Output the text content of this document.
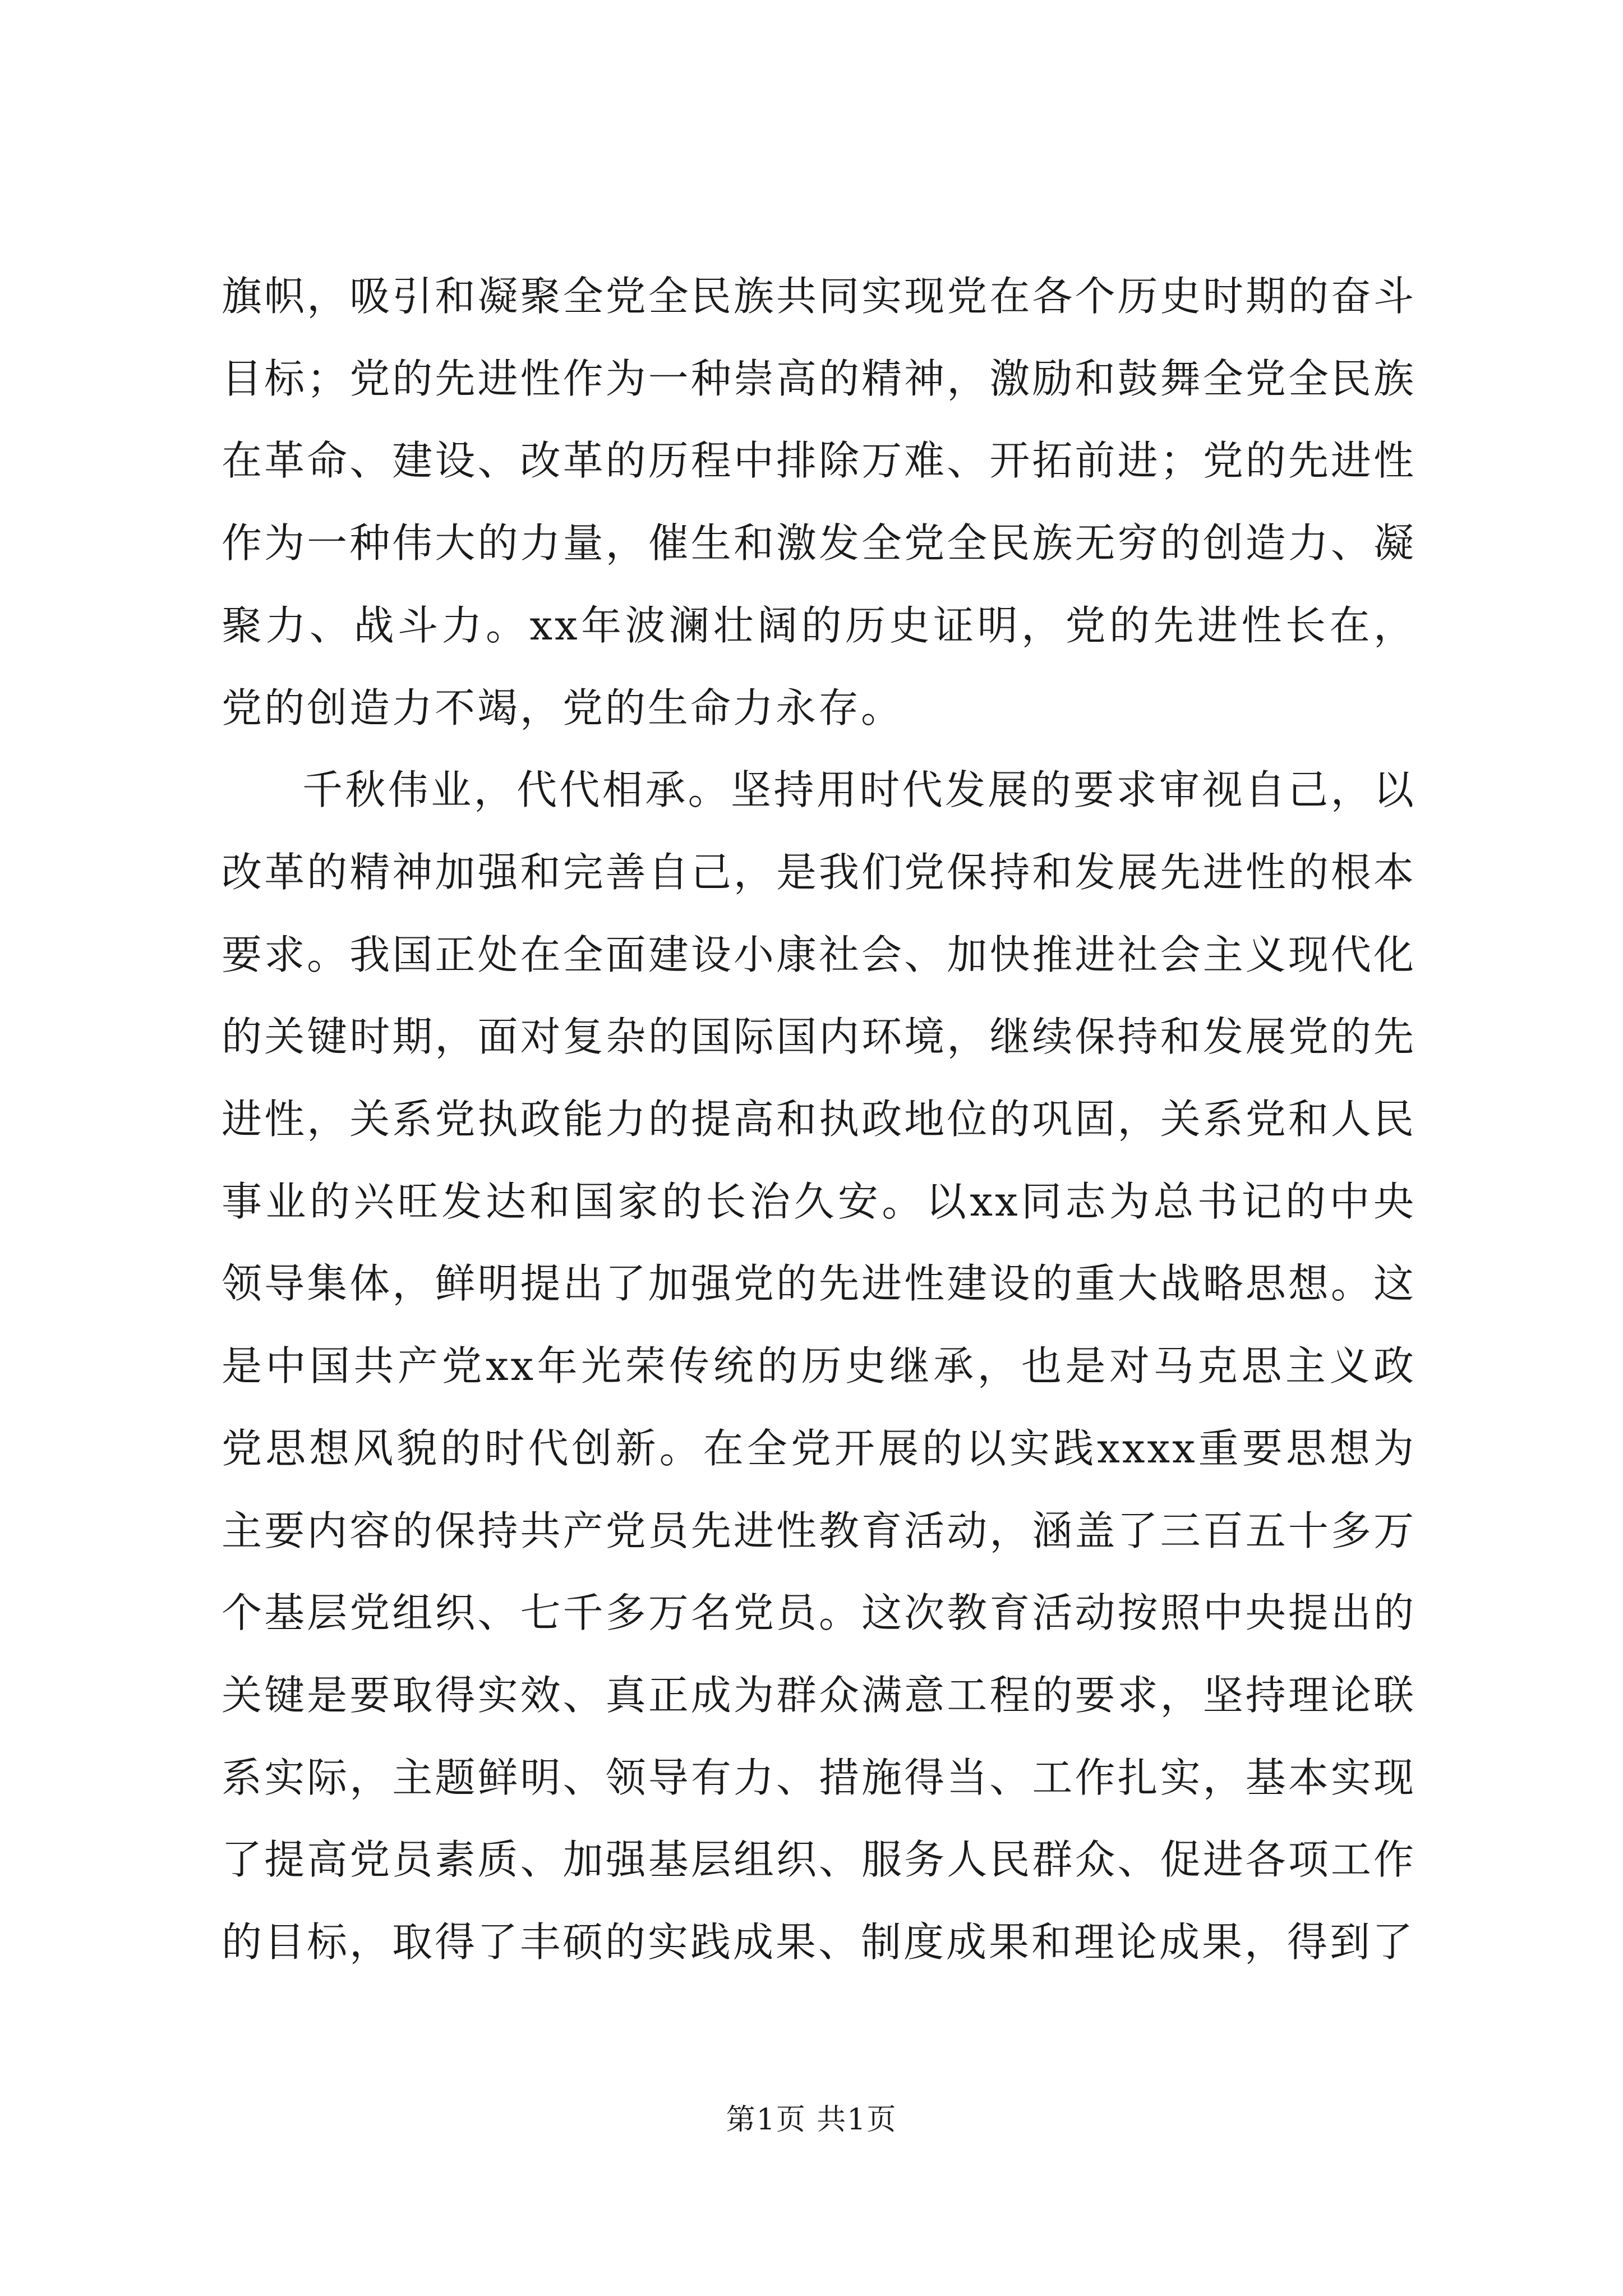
旗帜，吸引和凝聚全党全民族共同实现党在各个历史时期的奋斗目标；党的先进性作为一种崇高的精神，激励和鼓舞全党全民族在革命、建设、改革的历程中排除万难、开拓前进；党的先进性作为一种伟大的力量，催生和激发全党全民族无穷的创造力、凝聚力、战斗力。xx年波澜壮阔的历史证明，党的先进性长在，党的创造力不竭，党的生命力永存。

千秋伟业，代代相承。坚持用时代发展的要求审视自己，以改革的精神加强和完善自己，是我们党保持和发展先进性的根本要求。我国正处在全面建设小康社会、加快推进社会主义现代化的关键时期，面对复杂的国际国内环境，继续保持和发展党的先进性，关系党执政能力的提高和执政地位的巩固，关系党和人民事业的兴旺发达和国家的长治久安。以xx同志为总书记的中央领导集体，鲜明提出了加强党的先进性建设的重大战略思想。这是中国共产党xx年光荣传统的历史继承，也是对马克思主义政党思想风貌的时代创新。在全党开展的以实践xxxx重要思想为主要内容的保持共产党员先进性教育活动，涵盖了三百五十多万个基层党组织、七千多万名党员。这次教育活动按照中央提出的关键是要取得实效、真正成为群众满意工程的要求，坚持理论联系实际，主题鲜明、领导有力、措施得当、工作扎实，基本实现了提高党员素质、加强基层组织、服务人民群众、促进各项工作的目标，取得了丰硕的实践成果、制度成果和理论成果，得到了

第1页 共1页
